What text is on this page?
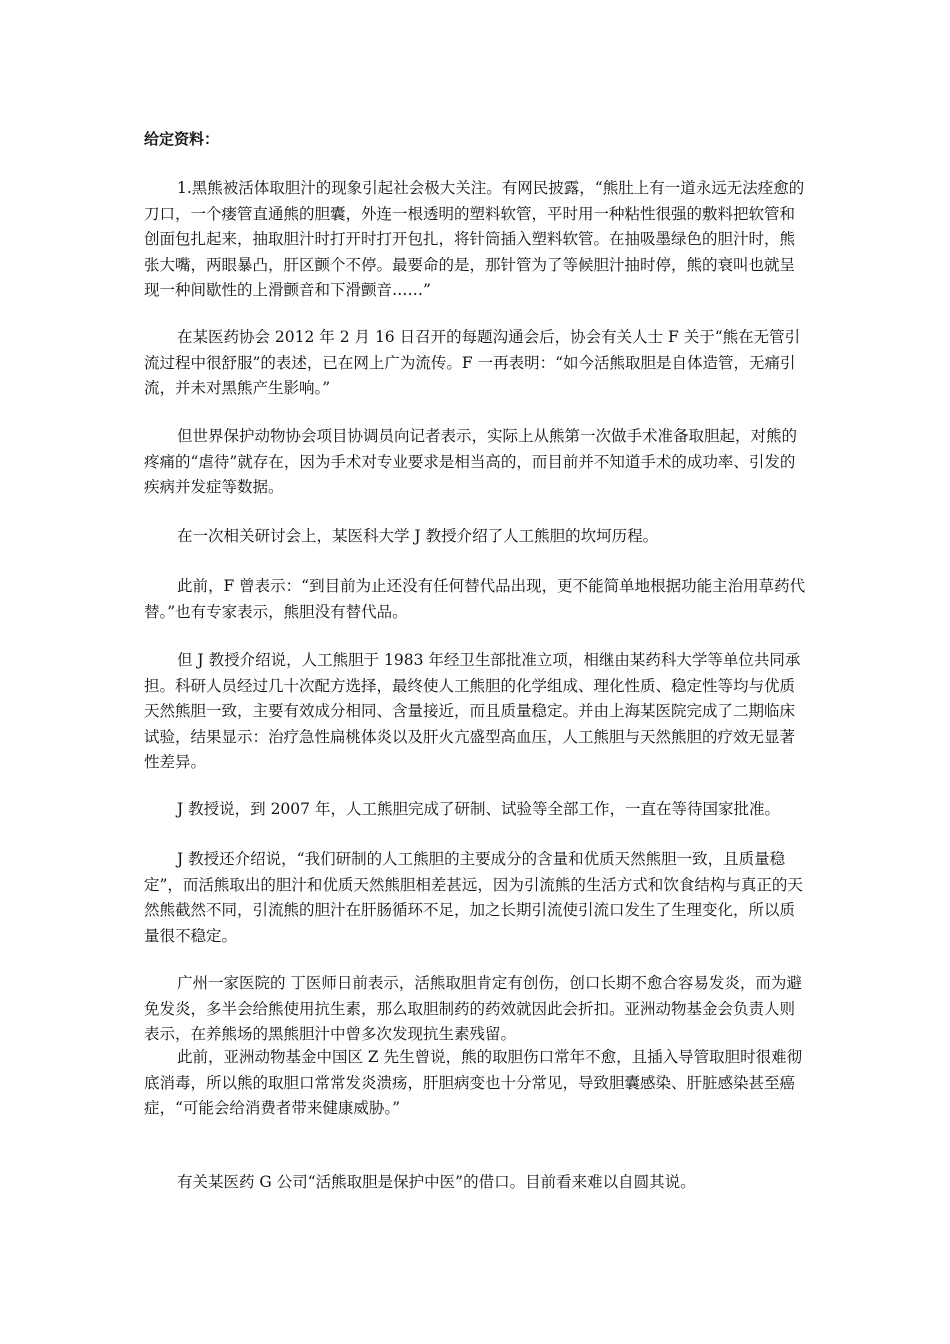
给定资料：

1.黑熊被活体取胆汁的现象引起社会极大关注。有网民披露，“熊肚上有一道永远无法痊愈的刀口，一个瘘管直通熊的胆囊，外连一根透明的塑料软管，平时用一种粘性很强的敷料把软管和创面包扎起来，抽取胆汁时打开时打开包扎，将针筒插入塑料软管。在抽吸墨绿色的胆汁时，熊张大嘴，两眼暴凸，肝区颤个不停。最要命的是，那针管为了等候胆汁抽时停，熊的衰叫也就呈现一种间歇性的上滑颤音和下滑颤音……”

在某医药协会 2012 年 2 月 16 日召开的每题沟通会后，协会有关人士 F 关于“熊在无管引流过程中很舒服”的表述，已在网上广为流传。F 一再表明：“如今活熊取胆是自体造管，无痛引流，并未对黑熊产生影响。”

但世界保护动物协会项目协调员向记者表示，实际上从熊第一次做手术准备取胆起，对熊的疼痛的“虐待”就存在，因为手术对专业要求是相当高的，而目前并不知道手术的成功率、引发的疾病并发症等数据。

在一次相关研讨会上，某医科大学 J 教授介绍了人工熊胆的坎坷历程。

此前，F 曾表示：“到目前为止还没有任何替代品出现，更不能简单地根据功能主治用草药代替。”也有专家表示，熊胆没有替代品。

但 J 教授介绍说，人工熊胆于 1983 年经卫生部批准立项，相继由某药科大学等单位共同承担。科研人员经过几十次配方选择，最终使人工熊胆的化学组成、理化性质、稳定性等均与优质天然熊胆一致，主要有效成分相同、含量接近，而且质量稳定。并由上海某医院完成了二期临床试验，结果显示：治疗急性扁桃体炎以及肝火亢盛型高血压，人工熊胆与天然熊胆的疗效无显著性差异。

J 教授说，到 2007 年，人工熊胆完成了研制、试验等全部工作，一直在等待国家批准。

J 教授还介绍说，“我们研制的人工熊胆的主要成分的含量和优质天然熊胆一致，且质量稳定”，而活熊取出的胆汁和优质天然熊胆相差甚远，因为引流熊的生活方式和饮食结构与真正的天然熊截然不同，引流熊的胆汁在肝肠循环不足，加之长期引流使引流口发生了生理变化，所以质量很不稳定。

广州一家医院的 丁医师日前表示，活熊取胆肯定有创伤，创口长期不愈合容易发炎，而为避免发炎，多半会给熊使用抗生素，那么取胆制药的药效就因此会折扣。亚洲动物基金会负责人则表示，在养熊场的黑熊胆汁中曾多次发现抗生素残留。

此前，亚洲动物基金中国区 Z 先生曾说，熊的取胆伤口常年不愈，且插入导管取胆时很难彻底消毒，所以熊的取胆口常常发炎溃疡，肝胆病变也十分常见，导致胆囊感染、肝脏感染甚至癌症，“可能会给消费者带来健康威胁。”

有关某医药 G 公司“活熊取胆是保护中医”的借口。目前看来难以自圆其说。
